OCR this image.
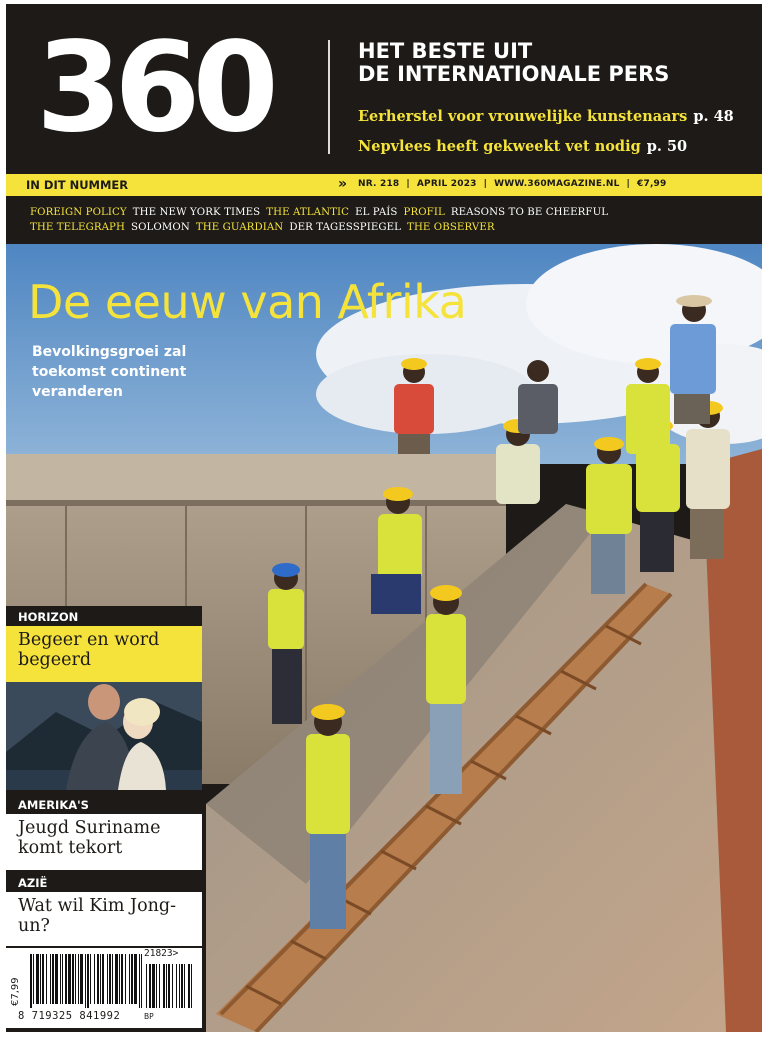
360	HET BESTE UIT
DE INTERNATIONALE PERS
Eerherstel voor vrouwelijke kunstenaars p. 48
Nepvlees heeft gekweekt vet nodig p. 50
IN DIT NUMMER	» NR. 218 | APRIL 2023 | WWW.360MAGAZINE.NL | €7,99
FOREIGN POLICY THE NEW YORK TIMES THE ATLANTIC EL PAÍS PROFIL REASONS TO BE CHEERFUL
THE TELEGRAPH SOLOMON THE GUARDIAN DER TAGESSPIEGEL THE OBSERVER
De eeuw van Afrika
Bevolkingsgroei zal toekomst continent veranderen
HORIZON
Begeer en word begeerd
AMERIKA'S
Jeugd Suriname komt tekort
AZIË
Wat wil Kim Jong-un?
€7,99
21823>
8 719325 841992	BP
